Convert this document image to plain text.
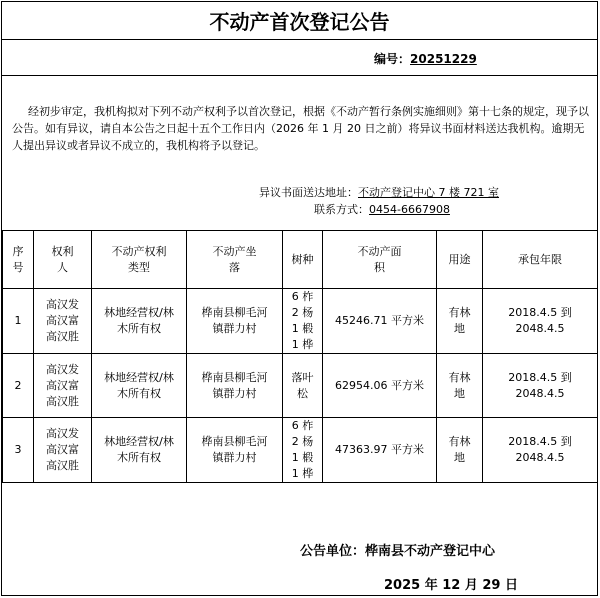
不动产首次登记公告
编号：20251229
经初步审定，我机构拟对下列不动产权利予以首次登记，根据《不动产暂行条例实施细则》第十七条的规定，现予以公告。如有异议，请自本公告之日起十五个工作日内（2026 年 1 月 20 日之前）将异议书面材料送达我机构。逾期无人提出异议或者异议不成立的，我机构将予以登记。
异议书面送达地址：不动产登记中心 7 楼 721 室
联系方式：0454-6667908
序号	权利人	不动产权利类型	不动产坐落	树种	不动产面积	用途	承包年限

1	高汉发 高汉富 高汉胜	林地经营权/林木所有权	桦南县柳毛河镇群力村	6 柞 2 杨 1 椴 1 桦	45246.71 平方米	有林地	2018.4.5 到 2048.4.5

2	高汉发 高汉富 高汉胜	林地经营权/林木所有权	桦南县柳毛河镇群力村	落叶松	62954.06 平方米	有林地	2018.4.5 到 2048.4.5

3	高汉发 高汉富 高汉胜	林地经营权/林木所有权	桦南县柳毛河镇群力村	6 柞 2 杨 1 椴 1 桦	47363.97 平方米	有林地	2018.4.5 到 2048.4.5
公告单位：桦南县不动产登记中心
2025 年 12 月 29 日
